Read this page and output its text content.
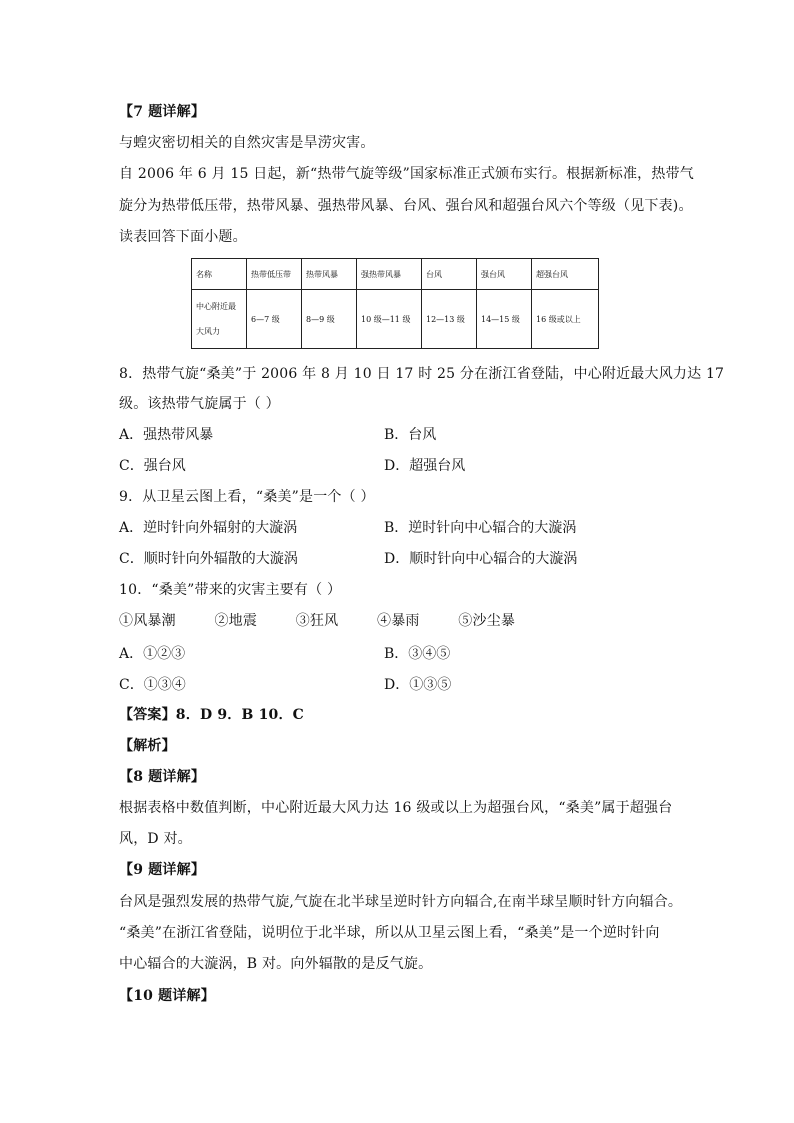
【7 题详解】
与蝗灾密切相关的自然灾害是旱涝灾害。
自 2006 年 6 月 15 日起，新“热带气旋等级”国家标准正式颁布实行。根据新标准，热带气
旋分为热带低压带，热带风暴、强热带风暴、台风、强台风和超强台风六个等级（见下表)。
读表回答下面小题。
名称	热带低压带	热带风暴	强热带风暴	台风	强台风	超强台风

中心附近最
大风力	6—7 级	8—9 级	10 级—11 级	12—13 级	14—15 级	16 级或以上
8．热带气旋“桑美”于 2006 年 8 月 10 日 17 时 25 分在浙江省登陆，中心附近最大风力达 17
级。该热带气旋属于（ ）
A．强热带风暴	B．台风
C．强台风	D．超强台风
9．从卫星云图上看，“桑美”是一个（ ）
A．逆时针向外辐射的大漩涡	B．逆时针向中心辐合的大漩涡
C．顺时针向外辐散的大漩涡	D．顺时针向中心辐合的大漩涡
10．“桑美”带来的灾害主要有（ ）
①风暴潮	②地震	③狂风	④暴雨	⑤沙尘暴
A．①②③	B．③④⑤
C．①③④	D．①③⑤
【答案】8．D 9．B 10．C
【解析】
【8 题详解】
根据表格中数值判断，中心附近最大风力达 16 级或以上为超强台风，“桑美”属于超强台
风，D 对。
【9 题详解】
台风是强烈发展的热带气旋,气旋在北半球呈逆时针方向辐合,在南半球呈顺时针方向辐合。
“桑美”在浙江省登陆，说明位于北半球，所以从卫星云图上看，“桑美”是一个逆时针向
中心辐合的大漩涡，B 对。向外辐散的是反气旋。
【10 题详解】
